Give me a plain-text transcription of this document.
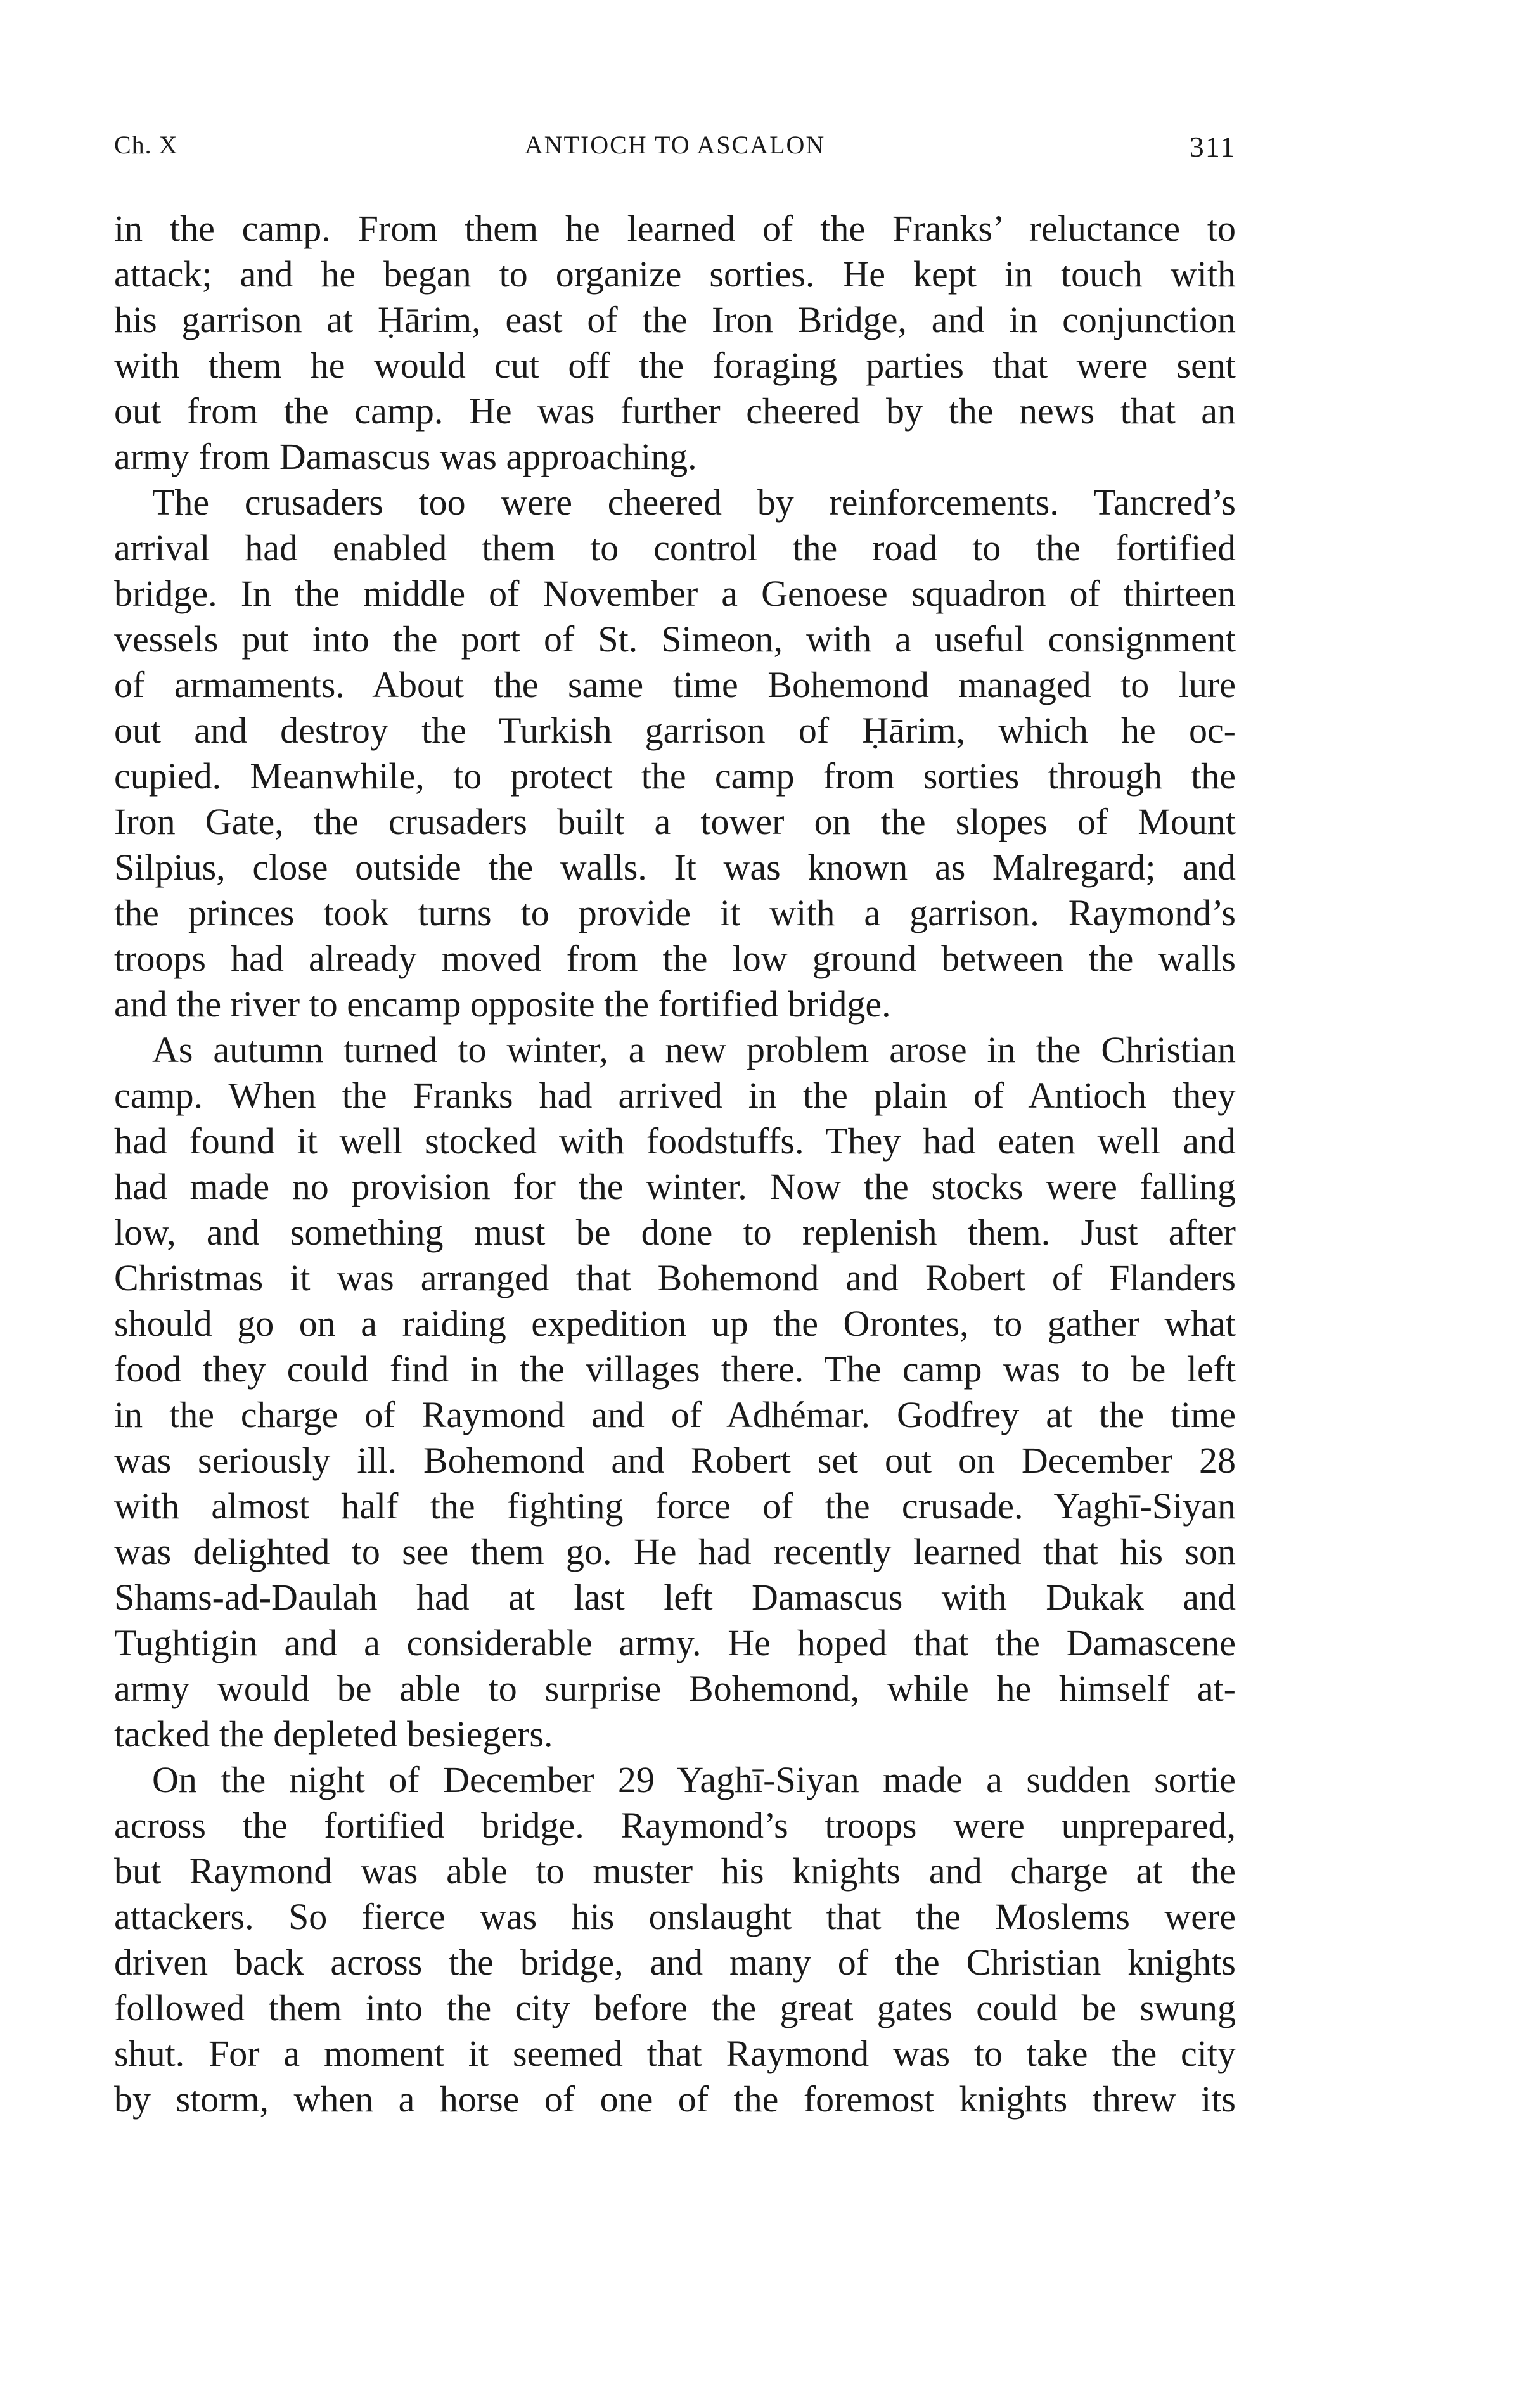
Ch. X	ANTIOCH TO ASCALON	311
in the camp. From them he learned of the Franks’ reluctance to
attack; and he began to organize sorties. He kept in touch with
his garrison at Ḥārim, east of the Iron Bridge, and in conjunction
with them he would cut off the foraging parties that were sent
out from the camp. He was further cheered by the news that an
army from Damascus was approaching.
The crusaders too were cheered by reinforcements. Tancred’s
arrival had enabled them to control the road to the fortified
bridge. In the middle of November a Genoese squadron of thirteen
vessels put into the port of St. Simeon, with a useful consignment
of armaments. About the same time Bohemond managed to lure
out and destroy the Turkish garrison of Ḥārim, which he oc-
cupied. Meanwhile, to protect the camp from sorties through the
Iron Gate, the crusaders built a tower on the slopes of Mount
Silpius, close outside the walls. It was known as Malregard; and
the princes took turns to provide it with a garrison. Raymond’s
troops had already moved from the low ground between the walls
and the river to encamp opposite the fortified bridge.
As autumn turned to winter, a new problem arose in the Christian
camp. When the Franks had arrived in the plain of Antioch they
had found it well stocked with foodstuffs. They had eaten well and
had made no provision for the winter. Now the stocks were falling
low, and something must be done to replenish them. Just after
Christmas it was arranged that Bohemond and Robert of Flanders
should go on a raiding expedition up the Orontes, to gather what
food they could find in the villages there. The camp was to be left
in the charge of Raymond and of Adhémar. Godfrey at the time
was seriously ill. Bohemond and Robert set out on December 28
with almost half the fighting force of the crusade. Yaghī-Siyan
was delighted to see them go. He had recently learned that his son
Shams-ad-Daulah had at last left Damascus with Dukak and
Tughtigin and a considerable army. He hoped that the Damascene
army would be able to surprise Bohemond, while he himself at-
tacked the depleted besiegers.
On the night of December 29 Yaghī-Siyan made a sudden sortie
across the fortified bridge. Raymond’s troops were unprepared,
but Raymond was able to muster his knights and charge at the
attackers. So fierce was his onslaught that the Moslems were
driven back across the bridge, and many of the Christian knights
followed them into the city before the great gates could be swung
shut. For a moment it seemed that Raymond was to take the city
by storm, when a horse of one of the foremost knights threw its
